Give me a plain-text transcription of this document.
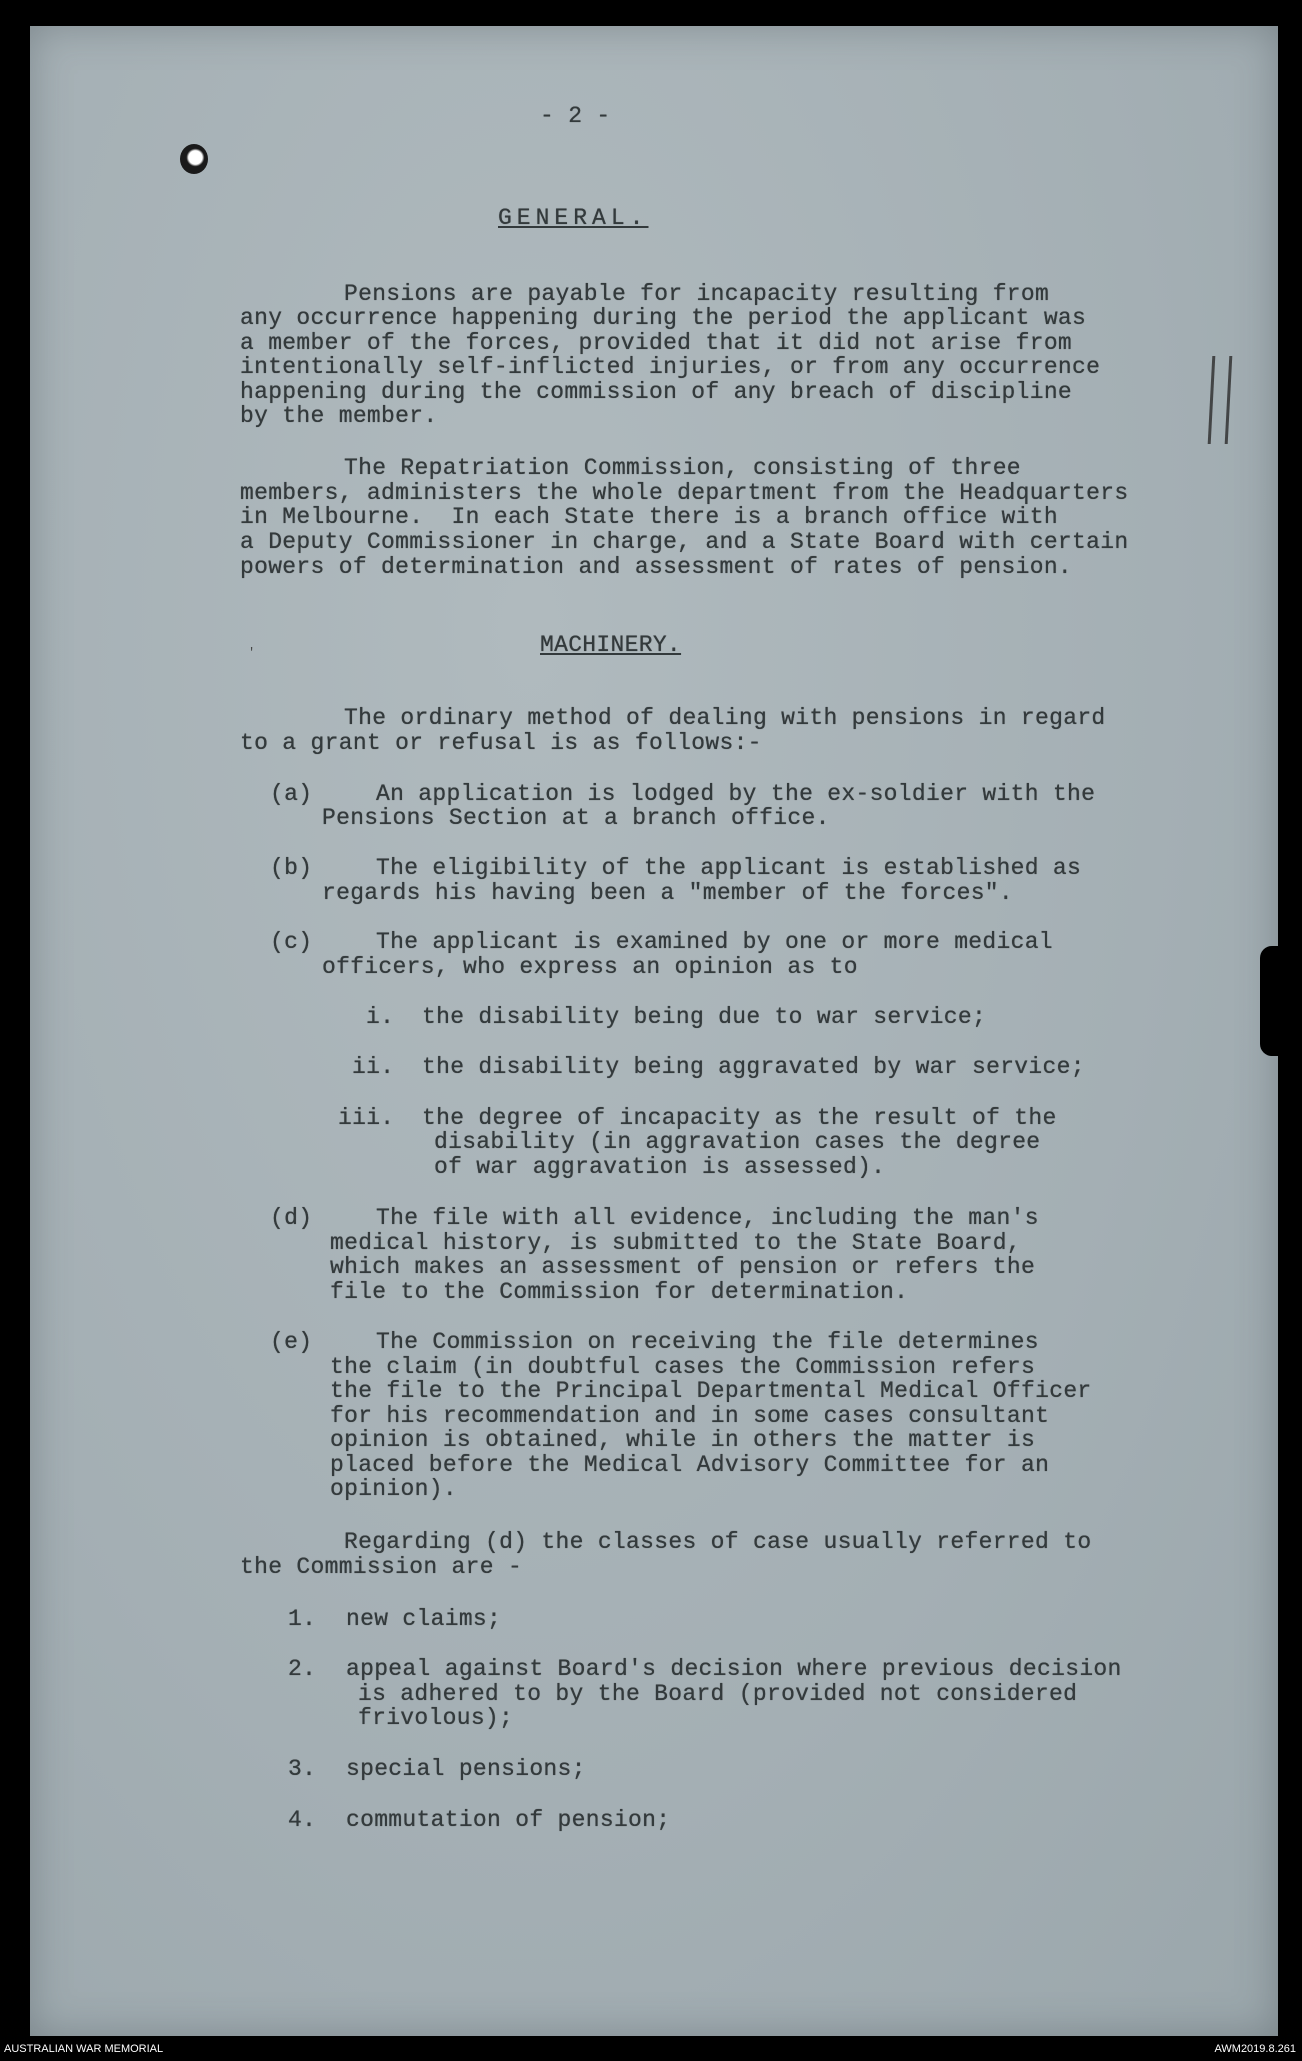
'
- 2 -
GENERAL.
Pensions are payable for incapacity resulting from
any occurrence happening during the period the applicant was
a member of the forces, provided that it did not arise from
intentionally self-inflicted injuries, or from any occurrence
happening during the commission of any breach of discipline
by the member.
The Repatriation Commission, consisting of three
members, administers the whole department from the Headquarters
in Melbourne.  In each State there is a branch office with
a Deputy Commissioner in charge, and a State Board with certain
powers of determination and assessment of rates of pension.
MACHINERY.
The ordinary method of dealing with pensions in regard
to a grant or refusal is as follows:-
(a)	An application is lodged by the ex-soldier with the
Pensions Section at a branch office.
(b)	The eligibility of the applicant is established as
regards his having been a "member of the forces".
(c)	The applicant is examined by one or more medical
officers, who express an opinion as to
i. the disability being due to war service;
ii. the disability being aggravated by war service;
iii. the degree of incapacity as the result of the
disability (in aggravation cases the degree
of war aggravation is assessed).
(d)	The file with all evidence, including the man's
medical history, is submitted to the State Board,
which makes an assessment of pension or refers the
file to the Commission for determination.
(e)	The Commission on receiving the file determines
the claim (in doubtful cases the Commission refers
the file to the Principal Departmental Medical Officer
for his recommendation and in some cases consultant
opinion is obtained, while in others the matter is
placed before the Medical Advisory Committee for an
opinion).
Regarding (d) the classes of case usually referred to
the Commission are -
1. new claims;
2. appeal against Board's decision where previous decision
is adhered to by the Board (provided not considered
frivolous);
3. special pensions;
4. commutation of pension;
AUSTRALIAN WAR MEMORIAL	AWM2019.8.261
